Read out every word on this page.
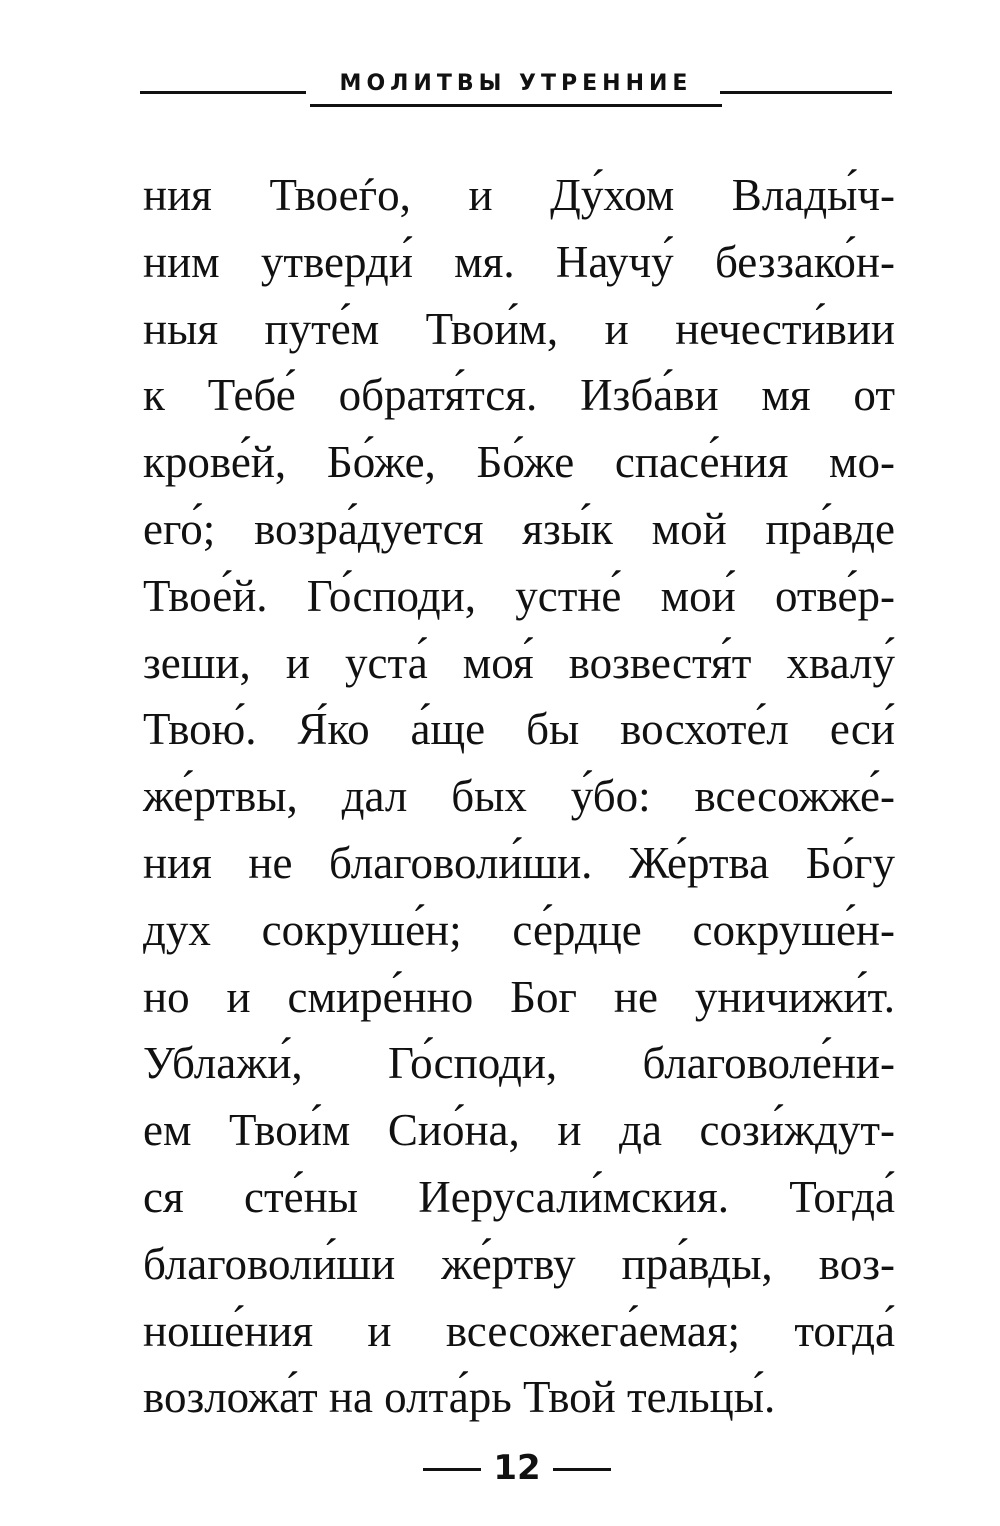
МОЛИТВЫ УТРЕННИЕ
ния Твоеѓо, и Ду́хом Влады́ч-
ним утверди́ мя. Научу́ беззако́н-
ныя путе́м Твои́м, и нечести́вии
к Тебе́ обратя́тся. Изба́ви мя от
крове́й, Бо́же, Бо́же спасе́ния мо-
его́; возра́дуется язы́к мой пра́вде
Твое́й. Го́споди, устне́ мои́ отве́р-
зеши, и уста́ моя́ возвестя́т хвалу́
Твою́. Я́ко а́ще бы восхоте́л еси́
же́ртвы, дал бых у́бо: всесожже́-
ния не благоволи́ши. Же́ртва Бо́гу
дух сокруше́н; се́рдце сокруше́н-
но и смире́нно Бог не уничижи́т.
Ублажи́, Го́споди, благоволе́ни-
ем Твои́м Сио́на, и да сози́ждут-
ся сте́ны Иерусали́мския. Тогда́
благоволи́ши же́ртву пра́вды, воз-
ноше́ния и всесожега́емая; тогда́
возложа́т на олта́рь Твой тельцы́.
12
